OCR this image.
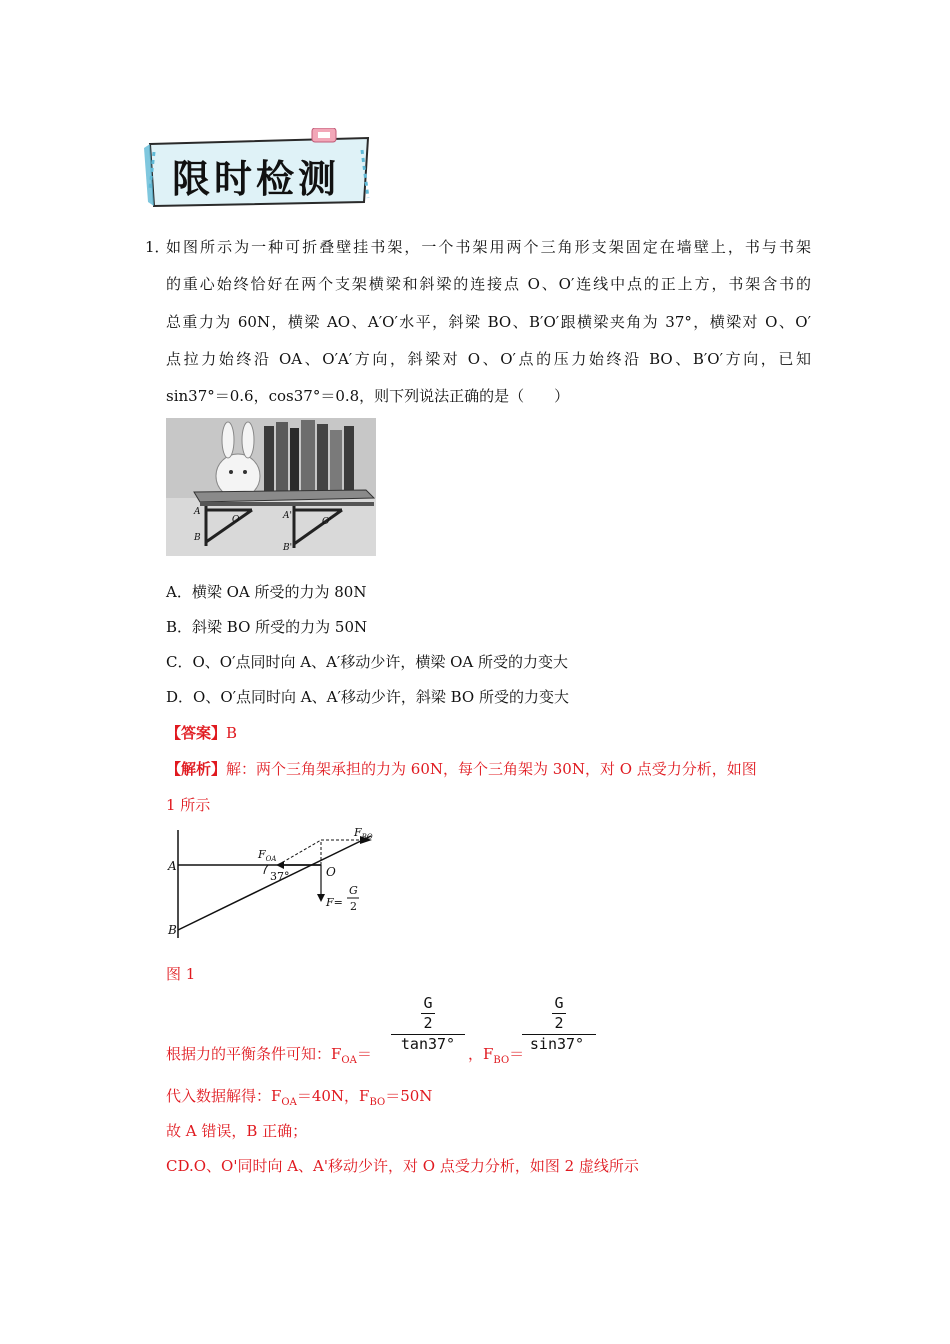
限时检测
1．
如图所示为一种可折叠壁挂书架，一个书架用两个三角形支架固定在墙壁上，书与书架
的重心始终恰好在两个支架横梁和斜梁的连接点 O、O′连线中点的正上方，书架含书的
总重力为 60N，横梁 AO、A′O′水平，斜梁 BO、B′O′跟横梁夹角为 37°，横梁对 O、O′
点拉力始终沿 OA、O′A′方向，斜梁对 O、O′点的压力始终沿 BO、B′O′方向，已知
sin37°＝0.6，cos37°＝0.8，则下列说法正确的是（　　）
A
B
O	A'
B'
O'
A．横梁 OA 所受的力为 80N
B．斜梁 BO 所受的力为 50N
C．O、O′点同时向 A、A′移动少许，横梁 OA 所受的力变大
D．O、O′点同时向 A、A′移动少许，斜梁 BO 所受的力变大
【答案】B
【解析】解：两个三角架承担的力为 60N，每个三角架为 30N，对 O 点受力分析，如图
1 所示
A
B
O
37°
$F_{OA}$
$F_{BO}$
F=
G
2
图 1
根据力的平衡条件可知：$F_{OA}=$
G
2
tan37°
，$F_{BO}=$
G
2
sin37°
代入数据解得：$F_{OA}=40N$，$F_{BO}=50N$
故 A 错误，B 正确；
CD.O、O'同时向 A、A'移动少许，对 O 点受力分析，如图 2 虚线所示
